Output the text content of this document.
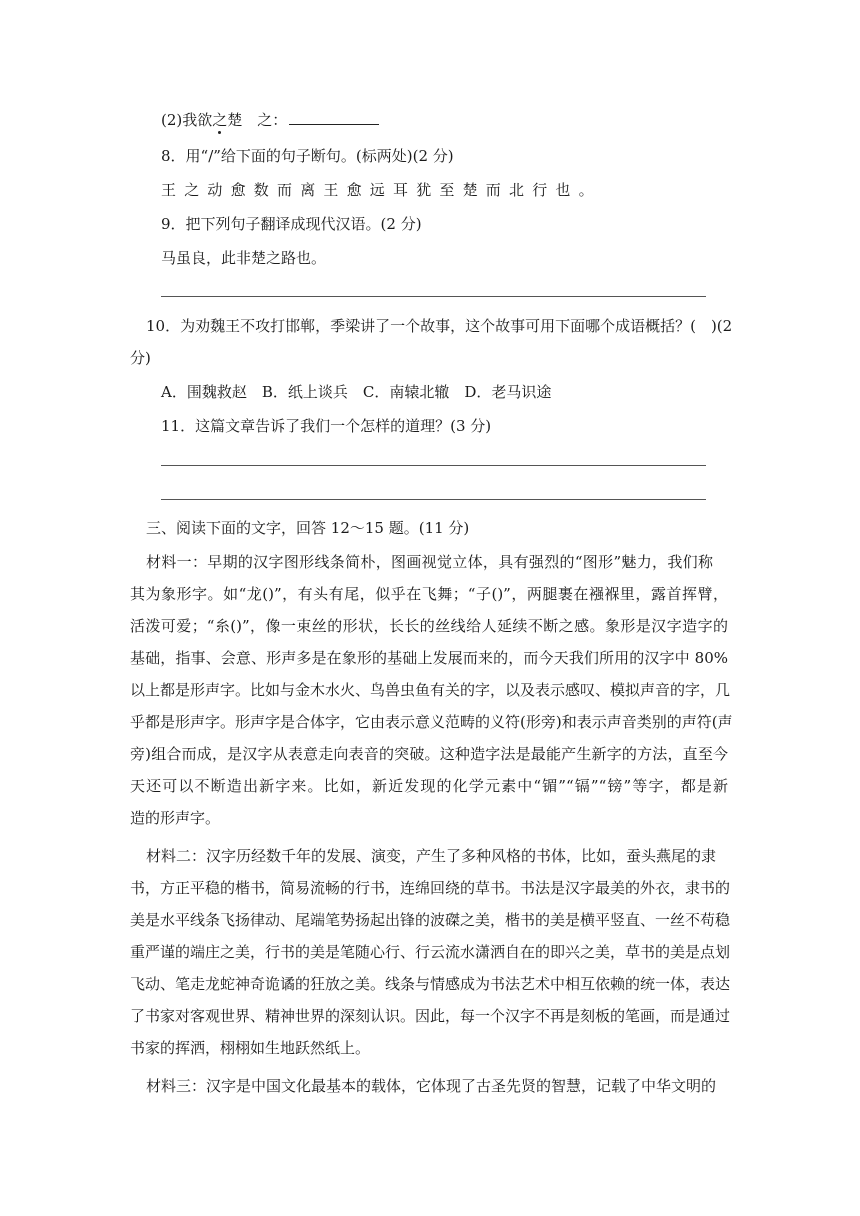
(2)我欲之楚　之：
8．用“/”给下面的句子断句。(标两处)(2 分)
王之动愈数而离王愈远耳犹至楚而北行也。
9．把下列句子翻译成现代汉语。(2 分)
马虽良，此非楚之路也。
10．为劝魏王不攻打邯郸，季梁讲了一个故事，这个故事可用下面哪个成语概括？(　)(2
分)
A．围魏救赵　B．纸上谈兵　C．南辕北辙　D．老马识途
11．这篇文章告诉了我们一个怎样的道理？(3 分)
三、阅读下面的文字，回答 12～15 题。(11 分)
材料一：早期的汉字图形线条简朴，图画视觉立体，具有强烈的“图形”魅力，我们称
其为象形字。如“龙()”，有头有尾，似乎在飞舞；“子()”，两腿裹在襁褓里，露首挥臂，
活泼可爱；“糸()”，像一束丝的形状，长长的丝线给人延续不断之感。象形是汉字造字的
基础，指事、会意、形声多是在象形的基础上发展而来的，而今天我们所用的汉字中 80%
以上都是形声字。比如与金木水火、鸟兽虫鱼有关的字，以及表示感叹、模拟声音的字，几
乎都是形声字。形声字是合体字，它由表示意义范畴的义符(形旁)和表示声音类别的声符(声
旁)组合而成，是汉字从表意走向表音的突破。这种造字法是最能产生新字的方法，直至今
天还可以不断造出新字来。比如，新近发现的化学元素中“镅”“镉”“镑”等字，都是新
造的形声字。
材料二：汉字历经数千年的发展、演变，产生了多种风格的书体，比如，蚕头燕尾的隶
书，方正平稳的楷书，简易流畅的行书，连绵回绕的草书。书法是汉字最美的外衣，隶书的
美是水平线条飞扬律动、尾端笔势扬起出锋的波磔之美，楷书的美是横平竖直、一丝不苟稳
重严谨的端庄之美，行书的美是笔随心行、行云流水潇洒自在的即兴之美，草书的美是点划
飞动、笔走龙蛇神奇诡谲的狂放之美。线条与情感成为书法艺术中相互依赖的统一体，表达
了书家对客观世界、精神世界的深刻认识。因此，每一个汉字不再是刻板的笔画，而是通过
书家的挥洒，栩栩如生地跃然纸上。
材料三：汉字是中国文化最基本的载体，它体现了古圣先贤的智慧，记载了中华文明的
